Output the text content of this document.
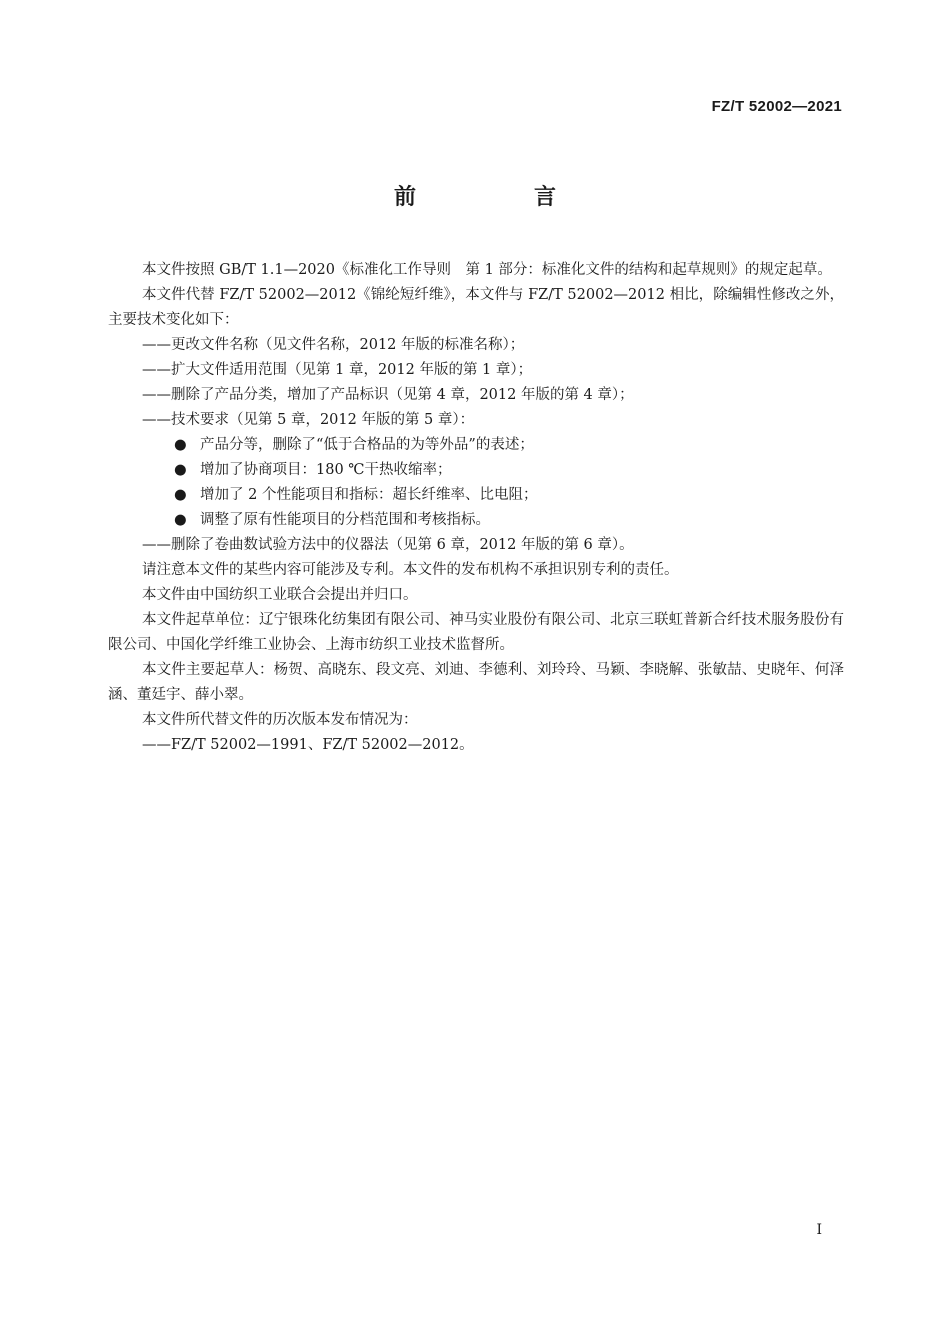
FZ/T 52002—2021
前　言

本文件按照 GB/T 1.1—2020《标准化工作导则　第 1 部分：标准化文件的结构和起草规则》的规定起草。

本文件代替 FZ/T 52002—2012《锦纶短纤维》，本文件与 FZ/T 52002—2012 相比，除编辑性修改之外，主要技术变化如下：

——更改文件名称（见文件名称，2012 年版的标准名称）；

——扩大文件适用范围（见第 1 章，2012 年版的第 1 章）；

——删除了产品分类，增加了产品标识（见第 4 章，2012 年版的第 4 章）；

——技术要求（见第 5 章，2012 年版的第 5 章）：

● 产品分等，删除了“低于合格品的为等外品”的表述；

● 增加了协商项目：180 ℃干热收缩率；

● 增加了 2 个性能项目和指标：超长纤维率、比电阻；

● 调整了原有性能项目的分档范围和考核指标。

——删除了卷曲数试验方法中的仪器法（见第 6 章，2012 年版的第 6 章）。

请注意本文件的某些内容可能涉及专利。本文件的发布机构不承担识别专利的责任。

本文件由中国纺织工业联合会提出并归口。

本文件起草单位：辽宁银珠化纺集团有限公司、神马实业股份有限公司、北京三联虹普新合纤技术服务股份有限公司、中国化学纤维工业协会、上海市纺织工业技术监督所。

本文件主要起草人：杨贺、高晓东、段文亮、刘迪、李德利、刘玲玲、马颖、李晓解、张敏喆、史晓年、何泽涵、董廷宇、薛小翠。

本文件所代替文件的历次版本发布情况为：

——FZ/T 52002—1991、FZ/T 52002—2012。

I
